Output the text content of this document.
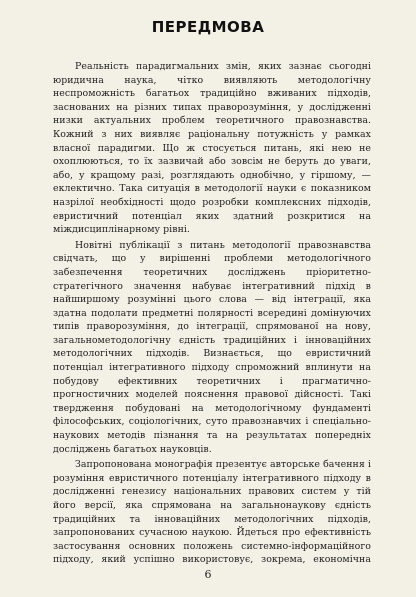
ПЕРЕДМОВА

Реальність парадигмальних змін, яких зазнає сьогодні юридична наука, чітко виявляють методологічну неспроможність багатьох традиційно вживаних підходів, заснованих на різних типах праворозуміння, у дослідженні низки актуальних проблем теоретичного правознавства. Кожний з них виявляє раціональну потужність у рамках власної парадигми. Що ж стосується питань, які нею не охоплюються, то їх зазвичай або зовсім не беруть до уваги, або, у кращому разі, розглядають однобічно, у гіршому, — еклектично. Така ситуація в методології науки є показником назрілої необхідності щодо розробки комплексних підходів, евристичний потенціал яких здатний розкритися на міждисциплінарному рівні.

Новітні публікації з питань методології правознавства свідчать, що у вирішенні проблеми методологічного забезпечення теоретичних досліджень пріоритетно-стратегічного значення набуває інтегративний підхід в найширшому розумінні цього слова — від інтеграції, яка здатна подолати предметні полярності всередині домінуючих типів праворозуміння, до інтеграції, спрямованої на нову, загальнометодологічну єдність традиційних і інноваційних методологічних підходів. Визнається, що евристичний потенціал інтегративного підходу спроможний вплинути на побудову ефективних теоретичних і прагматично-прогностичних моделей пояснення правової дійсності. Такі твердження побудовані на методологічному фундаменті філософських, соціологічних, суто правознавчих і спеціально-наукових методів пізнання та на результатах попередніх досліджень багатьох науковців.

Запропонована монографія презентує авторське бачення і розуміння евристичного потенціалу інтегративного підходу в дослідженні генезису національних правових систем у тій його версії, яка спрямована на загальнонаукову єдність традиційних та інноваційних методологічних підходів, запропонованих сучасною наукою. Йдеться про ефективність застосування основних положень системно-інформаційного підходу, який успішно використовує, зокрема, економічна

6
